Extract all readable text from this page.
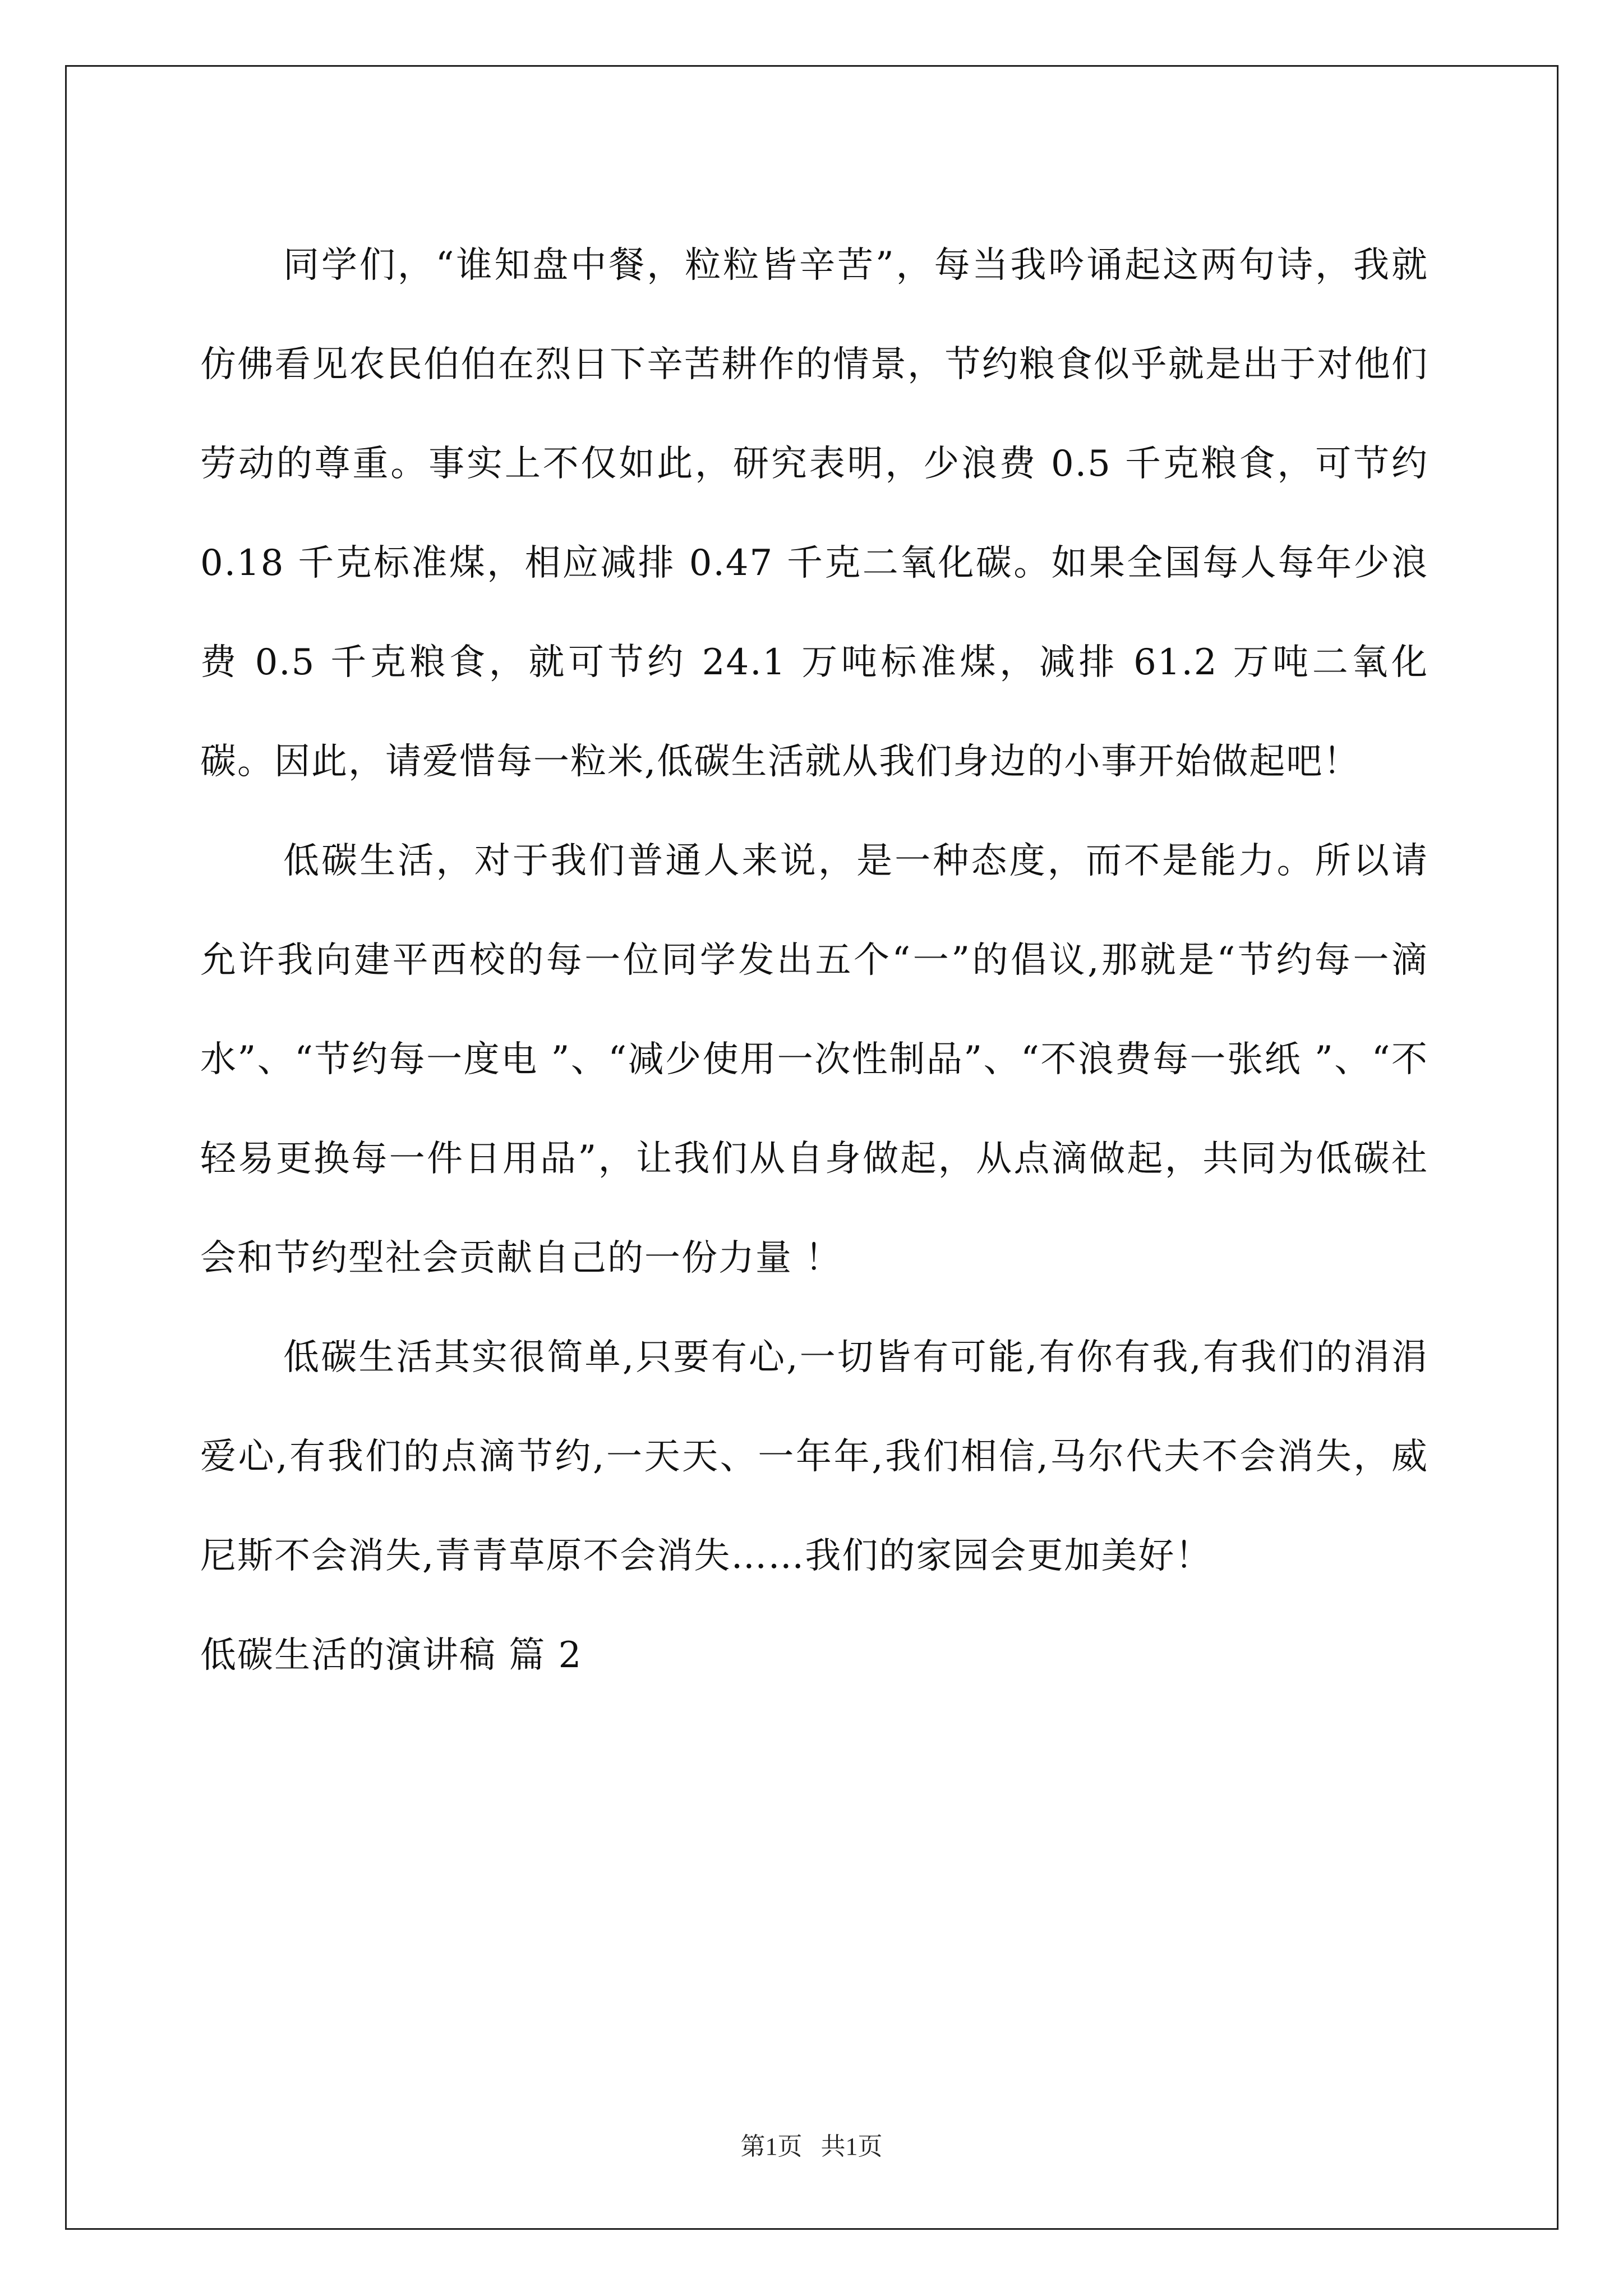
同学们，“谁知盘中餐，粒粒皆辛苦”，每当我吟诵起这两句诗，我就仿佛看见农民伯伯在烈日下辛苦耕作的情景，节约粮食似乎就是出于对他们劳动的尊重。事实上不仅如此，研究表明，少浪费 0.5 千克粮食，可节约 0.18 千克标准煤，相应减排 0.47 千克二氧化碳。如果全国每人每年少浪费 0.5 千克粮食，就可节约 24.1 万吨标准煤，减排 61.2 万吨二氧化碳。因此，请爱惜每一粒米,低碳生活就从我们身边的小事开始做起吧！

低碳生活，对于我们普通人来说，是一种态度，而不是能力。所以请允许我向建平西校的每一位同学发出五个“一”的倡议,那就是“节约每一滴水”、“节约每一度电 ”、“减少使用一次性制品”、“不浪费每一张纸 ”、“不轻易更换每一件日用品”，让我们从自身做起，从点滴做起，共同为低碳社会和节约型社会贡献自己的一份力量 ！

低碳生活其实很简单,只要有心,一切皆有可能,有你有我,有我们的涓涓爱心,有我们的点滴节约,一天天、一年年,我们相信,马尔代夫不会消失，威尼斯不会消失,青青草原不会消失……我们的家园会更加美好！

低碳生活的演讲稿 篇 2

第1页   共1页
